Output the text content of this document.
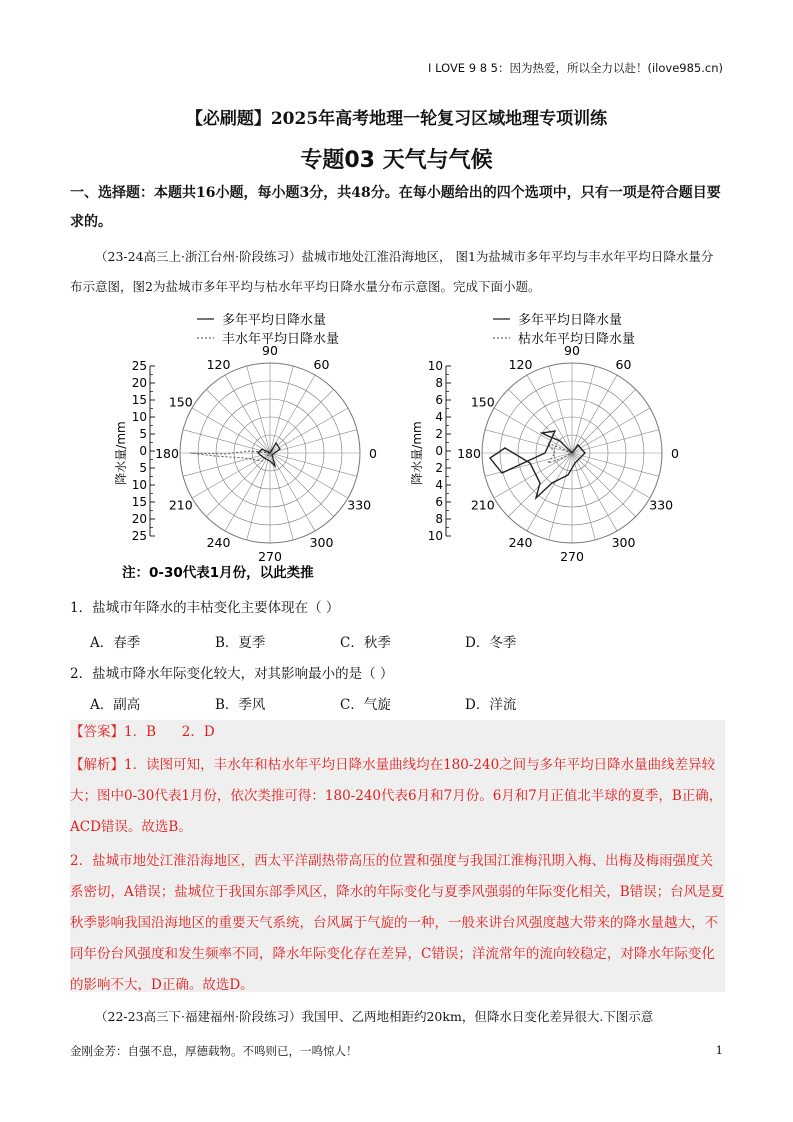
I LOVE 9 8 5：因为热爱，所以全力以赴！(ilove985.cn)
【必刷题】2025年高考地理一轮复习区域地理专项训练
专题03 天气与气候
一、选择题：本题共16小题，每小题3分，共48分。在每小题给出的四个选项中，只有一项是符合题目要求的。
（23-24高三上·浙江台州·阶段练习）盐城市地处江淮沿海地区， 图1为盐城市多年平均与丰水年平均日降水量分布示意图，图2为盐城市多年平均与枯水年平均日降水量分布示意图。完成下面小题。
多年平均日降水量
丰水年平均日降水量
25
20
15
10
5
0
5
10
15
20
25
降水量/mm
90
60
0
330
300
270
240
210
180
150
120
多年平均日降水量
枯水年平均日降水量
10
8
6
4
2
0
2
4
6
8
10
降水量/mm
90
60
0
330
300
270
240
210
180
150
120
注：0-30代表1月份，以此类推
1．盐城市年降水的丰枯变化主要体现在（ ）
A．春季	B．夏季	C．秋季	D．冬季
2．盐城市降水年际变化较大，对其影响最小的是（ ）
A．副高	B．季风	C．气旋	D．洋流
【答案】1．B      2．D
【解析】1．读图可知，丰水年和枯水年平均日降水量曲线均在180-240之间与多年平均日降水量曲线差异较大；图中0-30代表1月份，依次类推可得：180-240代表6月和7月份。6月和7月正值北半球的夏季，B正确，ACD错误。故选B。
2．盐城市地处江淮沿海地区，西太平洋副热带高压的位置和强度与我国江淮梅汛期入梅、出梅及梅雨强度关系密切，A错误；盐城位于我国东部季风区，降水的年际变化与夏季风强弱的年际变化相关，B错误；台风是夏秋季影响我国沿海地区的重要天气系统，台风属于气旋的一种，一般来讲台风强度越大带来的降水量越大，不同年份台风强度和发生频率不同，降水年际变化存在差异，C错误；洋流常年的流向较稳定，对降水年际变化的影响不大，D正确。故选D。
（22-23高三下·福建福州·阶段练习）我国甲、乙两地相距约20km，但降水日变化差异很大.下图示意
金刚金芳：自强不息，厚德载物。不鸣则已，一鸣惊人！	1
